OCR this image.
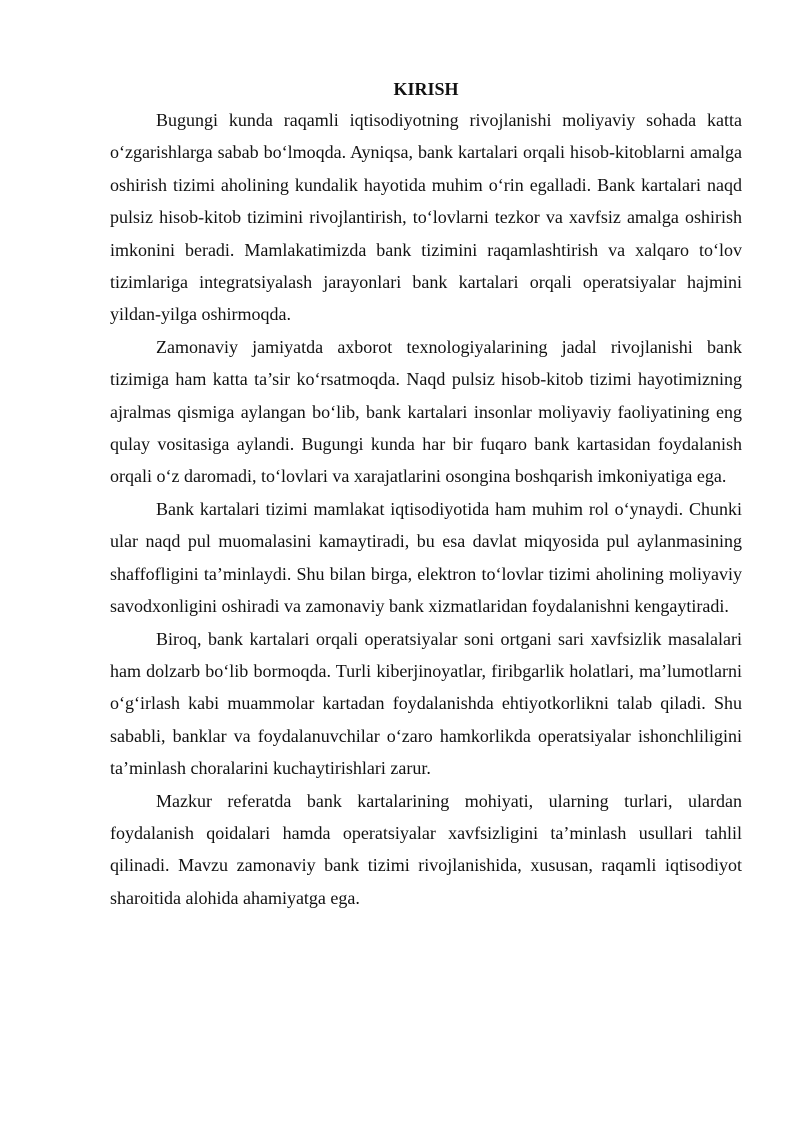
KIRISH

Bugungi kunda raqamli iqtisodiyotning rivojlanishi moliyaviy sohada katta o‘zgarishlarga sabab bo‘lmoqda. Ayniqsa, bank kartalari orqali hisob-kitoblarni amalga oshirish tizimi aholining kundalik hayotida muhim o‘rin egalladi. Bank kartalari naqd pulsiz hisob-kitob tizimini rivojlantirish, to‘lovlarni tezkor va xavfsiz amalga oshirish imkonini beradi. Mamlakatimizda bank tizimini raqamlashtirish va xalqaro to‘lov tizimlariga integratsiyalash jarayonlari bank kartalari orqali operatsiyalar hajmini yildan-yilga oshirmoqda.

Zamonaviy jamiyatda axborot texnologiyalarining jadal rivojlanishi bank tizimiga ham katta ta’sir ko‘rsatmoqda. Naqd pulsiz hisob-kitob tizimi hayotimizning ajralmas qismiga aylangan bo‘lib, bank kartalari insonlar moliyaviy faoliyatining eng qulay vositasiga aylandi. Bugungi kunda har bir fuqaro bank kartasidan foydalanish orqali o‘z daromadi, to‘lovlari va xarajatlarini osongina boshqarish imkoniyatiga ega.

Bank kartalari tizimi mamlakat iqtisodiyotida ham muhim rol o‘ynaydi. Chunki ular naqd pul muomalasini kamaytiradi, bu esa davlat miqyosida pul aylanmasining shaffofligini ta’minlaydi. Shu bilan birga, elektron to‘lovlar tizimi aholining moliyaviy savodxonligini oshiradi va zamonaviy bank xizmatlaridan foydalanishni kengaytiradi.

Biroq, bank kartalari orqali operatsiyalar soni ortgani sari xavfsizlik masalalari ham dolzarb bo‘lib bormoqda. Turli kiberjinoyatlar, firibgarlik holatlari, ma’lumotlarni o‘g‘irlash kabi muammolar kartadan foydalanishda ehtiyotkorlikni talab qiladi. Shu sababli, banklar va foydalanuvchilar o‘zaro hamkorlikda operatsiyalar ishonchliligini ta’minlash choralarini kuchaytirishlari zarur.

Mazkur referatda bank kartalarining mohiyati, ularning turlari, ulardan foydalanish qoidalari hamda operatsiyalar xavfsizligini ta’minlash usullari tahlil qilinadi. Mavzu zamonaviy bank tizimi rivojlanishida, xususan, raqamli iqtisodiyot sharoitida alohida ahamiyatga ega.
